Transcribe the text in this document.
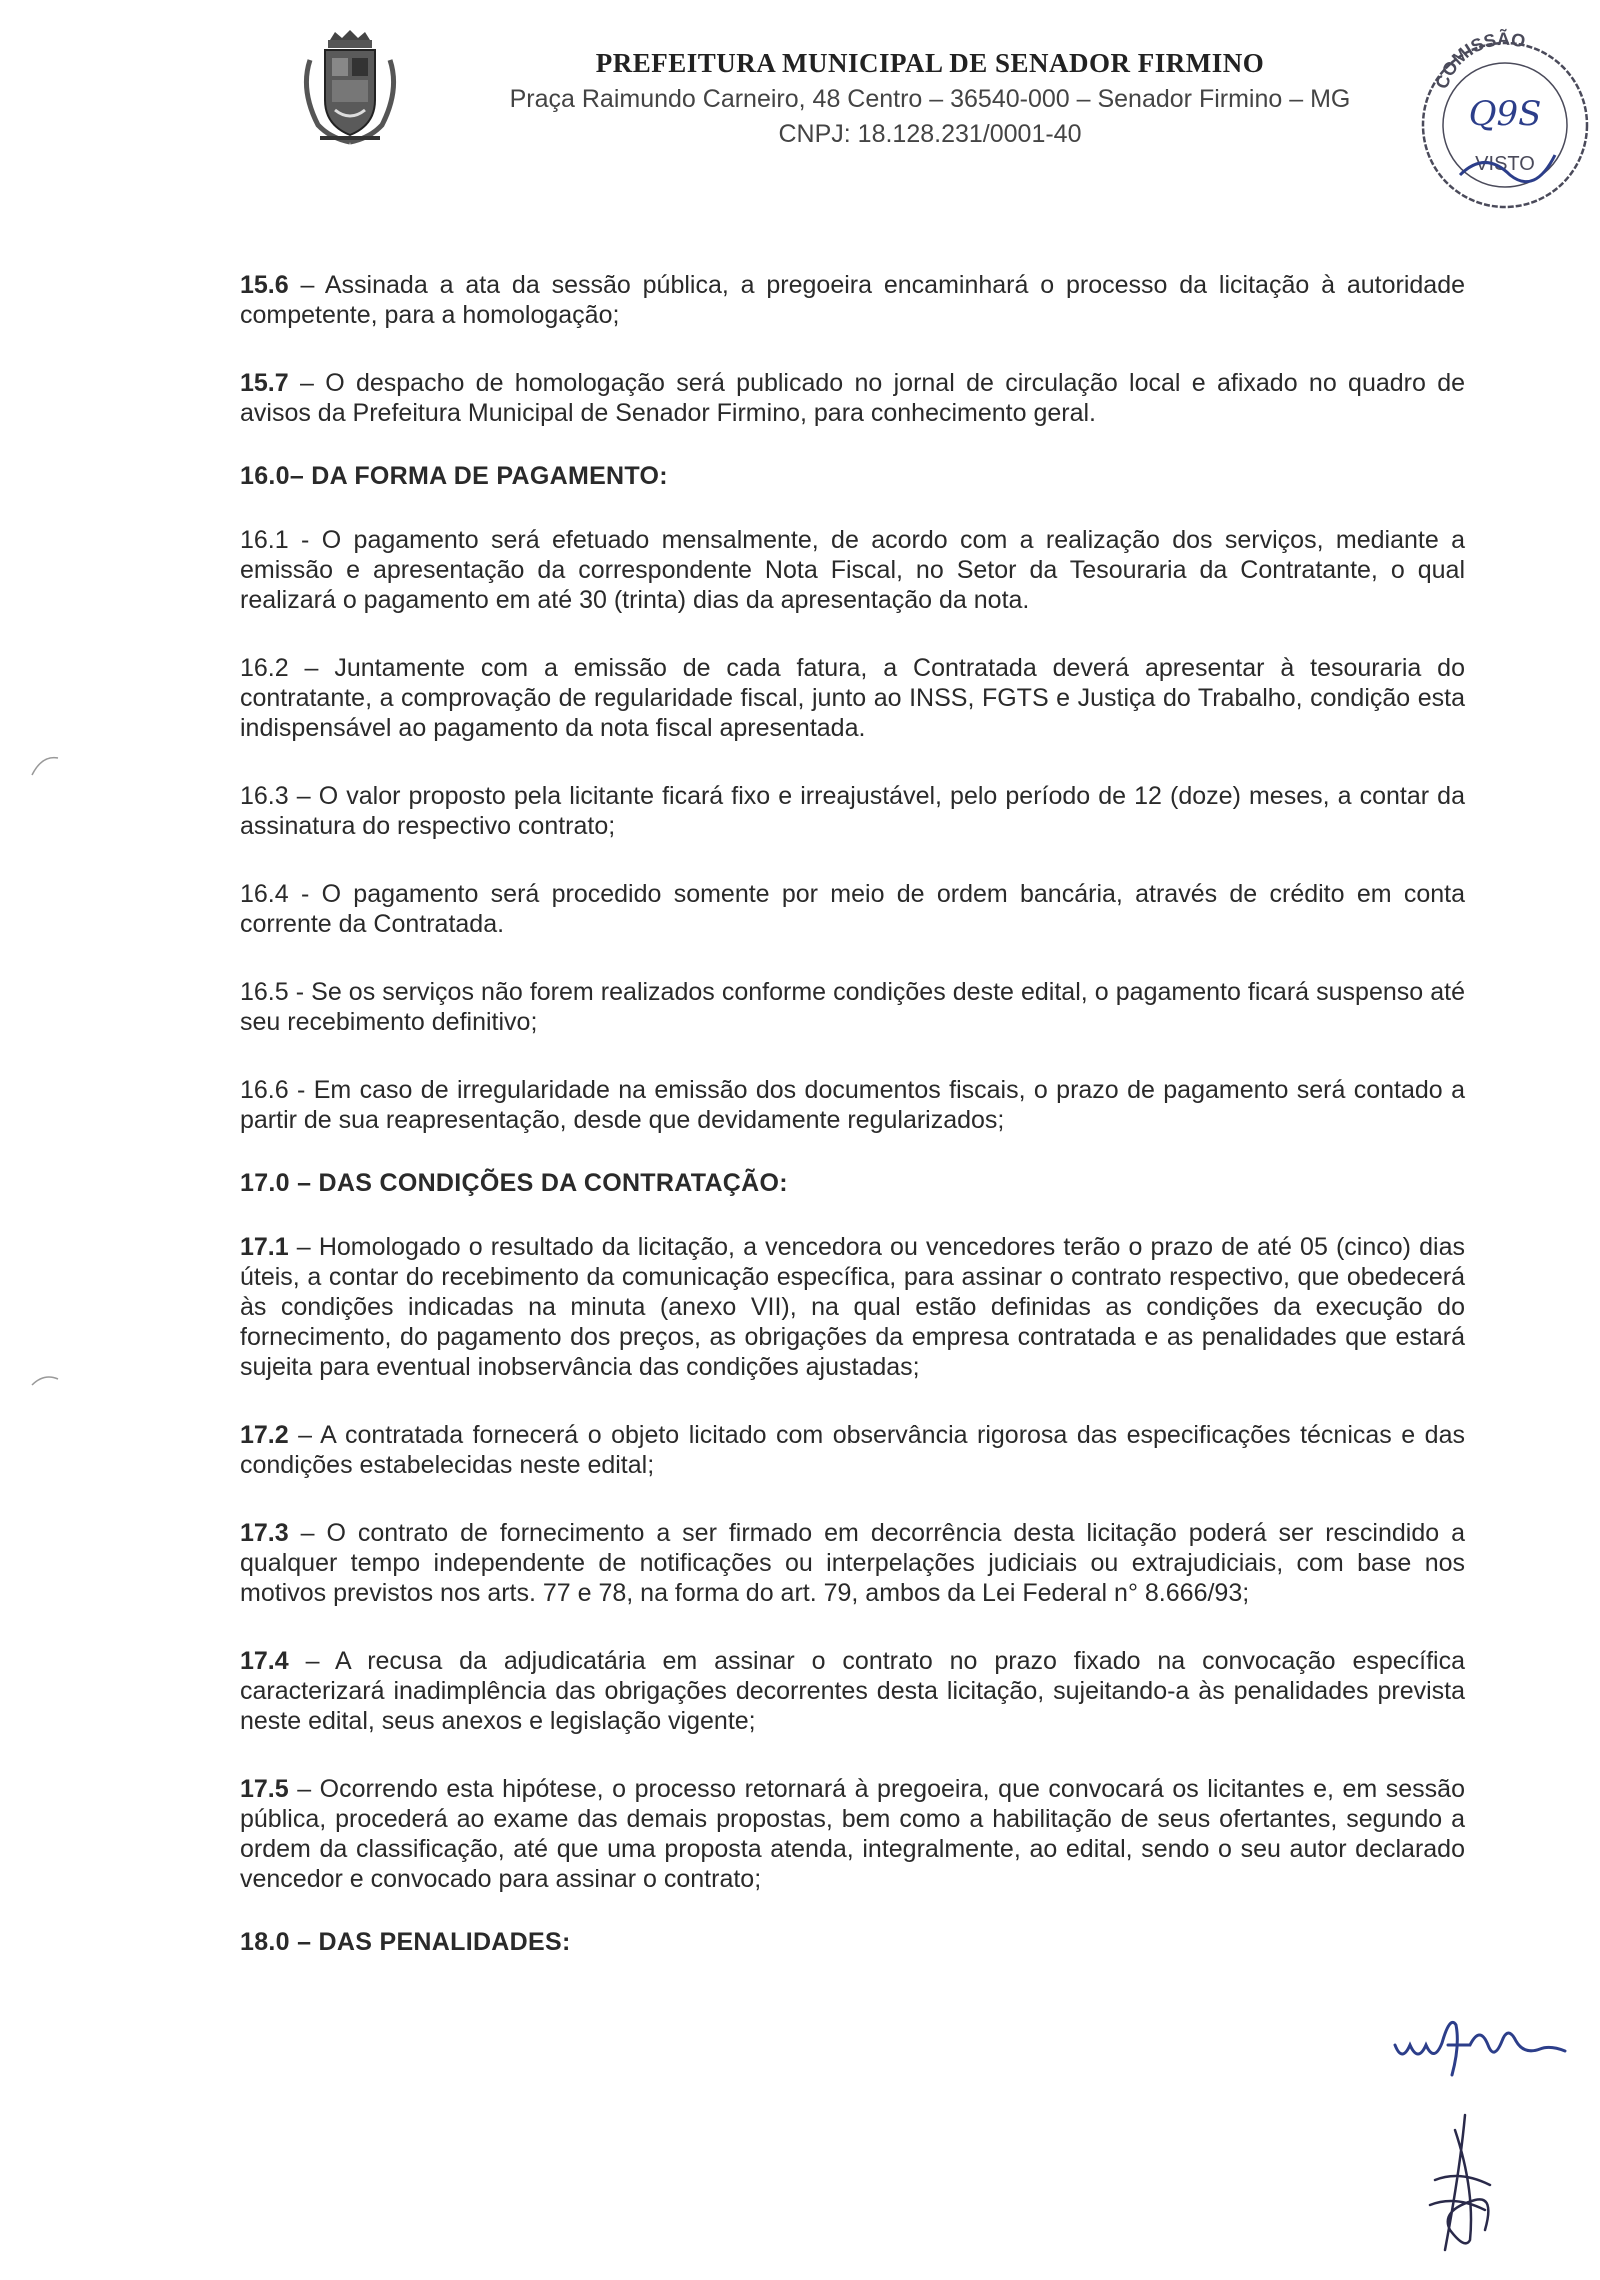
PREFEITURA MUNICIPAL DE SENADOR FIRMINO
Praça Raimundo Carneiro, 48 Centro – 36540-000 – Senador Firmino – MG
CNPJ: 18.128.231/0001-40
COMISSÃO
Q9S
VISTO

15.6 – Assinada a ata da sessão pública, a pregoeira encaminhará o processo da licitação à autoridade competente, para a homologação;

15.7 – O despacho de homologação será publicado no jornal de circulação local e afixado no quadro de avisos da Prefeitura Municipal de Senador Firmino, para conhecimento geral.

16.0– DA FORMA DE PAGAMENTO:

16.1 - O pagamento será efetuado mensalmente, de acordo com a realização dos serviços, mediante a emissão e apresentação da correspondente Nota Fiscal, no Setor da Tesouraria da Contratante, o qual realizará o pagamento em até 30 (trinta) dias da apresentação da nota.

16.2 – Juntamente com a emissão de cada fatura, a Contratada deverá apresentar à tesouraria do contratante, a comprovação de regularidade fiscal, junto ao INSS, FGTS e Justiça do Trabalho, condição esta indispensável ao pagamento da nota fiscal apresentada.

16.3 – O valor proposto pela licitante ficará fixo e irreajustável, pelo período de 12 (doze) meses, a contar da assinatura do respectivo contrato;

16.4 - O pagamento será procedido somente por meio de ordem bancária, através de crédito em conta corrente da Contratada.

16.5 - Se os serviços não forem realizados conforme condições deste edital, o pagamento ficará suspenso até seu recebimento definitivo;

16.6 - Em caso de irregularidade na emissão dos documentos fiscais, o prazo de pagamento será contado a partir de sua reapresentação, desde que devidamente regularizados;

17.0 – DAS CONDIÇÕES DA CONTRATAÇÃO:

17.1 – Homologado o resultado da licitação, a vencedora ou vencedores terão o prazo de até 05 (cinco) dias úteis, a contar do recebimento da comunicação específica, para assinar o contrato respectivo, que obedecerá às condições indicadas na minuta (anexo VII), na qual estão definidas as condições da execução do fornecimento, do pagamento dos preços, as obrigações da empresa contratada e as penalidades que estará sujeita para eventual inobservância das condições ajustadas;

17.2 – A contratada fornecerá o objeto licitado com observância rigorosa das especificações técnicas e das condições estabelecidas neste edital;

17.3 – O contrato de fornecimento a ser firmado em decorrência desta licitação poderá ser rescindido a qualquer tempo independente de notificações ou interpelações judiciais ou extrajudiciais, com base nos motivos previstos nos arts. 77 e 78, na forma do art. 79, ambos da Lei Federal n° 8.666/93;

17.4 – A recusa da adjudicatária em assinar o contrato no prazo fixado na convocação específica caracterizará inadimplência das obrigações decorrentes desta licitação, sujeitando-a às penalidades prevista neste edital, seus anexos e legislação vigente;

17.5 – Ocorrendo esta hipótese, o processo retornará à pregoeira, que convocará os licitantes e, em sessão pública, procederá ao exame das demais propostas, bem como a habilitação de seus ofertantes, segundo a ordem da classificação, até que uma proposta atenda, integralmente, ao edital, sendo o seu autor declarado vencedor e convocado para assinar o contrato;

18.0 – DAS PENALIDADES:
